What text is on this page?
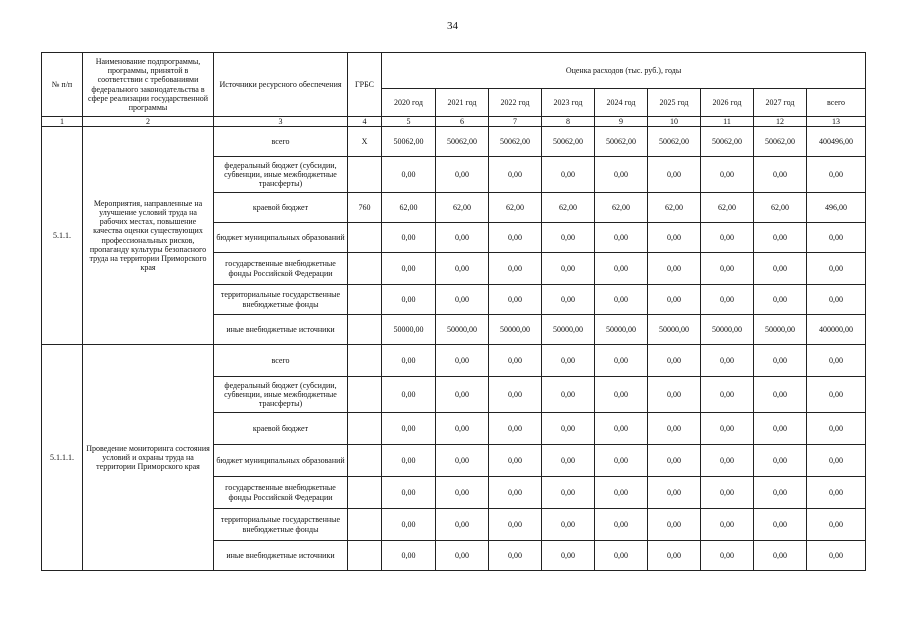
34
№ п/п	Наименование подпрограммы, программы, принятой в соответствии с требованиями федерального законодательства в сфере реализации государственной программы	Источники ресурсного обеспечения	ГРБС	Оценка расходов (тыс. руб.), годы								
				2020 год	2021 год	2022 год	2023 год	2024 год	2025 год	2026 год	2027 год	всего
1	2	3	4	5	6	7	8	9	10	11	12	13
5.1.1.	Мероприятия, направленные на улучшение условий труда на рабочих местах, повышение качества оценки существующих профессиональных рисков, пропаганду культуры безопасного труда на территории Приморского края	всего	X	50062,00	50062,00	50062,00	50062,00	50062,00	50062,00	50062,00	50062,00	400496,00
		федеральный бюджет (субсидии, субвенции, иные межбюджетные трансферты)		0,00	0,00	0,00	0,00	0,00	0,00	0,00	0,00	0,00
		краевой бюджет	760	62,00	62,00	62,00	62,00	62,00	62,00	62,00	62,00	496,00
		бюджет муниципальных образований		0,00	0,00	0,00	0,00	0,00	0,00	0,00	0,00	0,00
		государственные внебюджетные фонды Российской Федерации		0,00	0,00	0,00	0,00	0,00	0,00	0,00	0,00	0,00
		территориальные государственные внебюджетные фонды		0,00	0,00	0,00	0,00	0,00	0,00	0,00	0,00	0,00
		иные внебюджетные источники		50000,00	50000,00	50000,00	50000,00	50000,00	50000,00	50000,00	50000,00	400000,00
5.1.1.1.	Проведение мониторинга состояния условий и охраны труда на территории Приморского края	всего		0,00	0,00	0,00	0,00	0,00	0,00	0,00	0,00	0,00
		федеральный бюджет (субсидии, субвенции, иные межбюджетные трансферты)		0,00	0,00	0,00	0,00	0,00	0,00	0,00	0,00	0,00
		краевой бюджет		0,00	0,00	0,00	0,00	0,00	0,00	0,00	0,00	0,00
		бюджет муниципальных образований		0,00	0,00	0,00	0,00	0,00	0,00	0,00	0,00	0,00
		государственные внебюджетные фонды Российской Федерации		0,00	0,00	0,00	0,00	0,00	0,00	0,00	0,00	0,00
		территориальные государственные внебюджетные фонды		0,00	0,00	0,00	0,00	0,00	0,00	0,00	0,00	0,00
		иные внебюджетные источники		0,00	0,00	0,00	0,00	0,00	0,00	0,00	0,00	0,00
